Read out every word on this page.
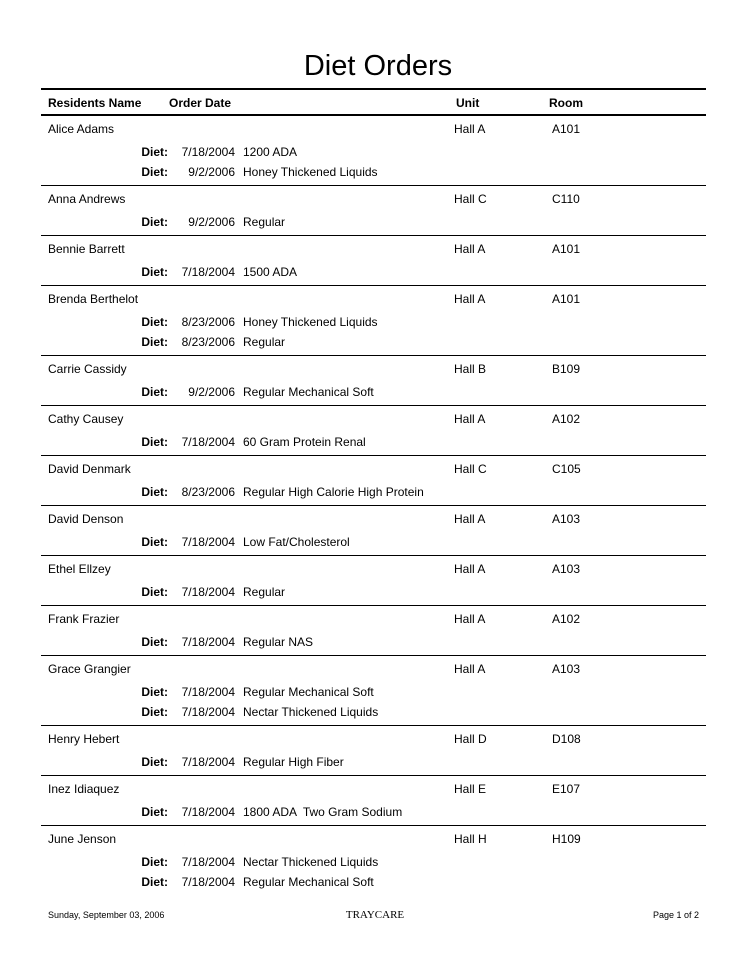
Diet Orders
Residents Name Order Date	Unit	Room
Alice Adams	Hall A	A101
Diet:	7/18/2004 1200 ADA
Diet:	9/2/2006 Honey Thickened Liquids
Anna Andrews	Hall C	C110
Diet:	9/2/2006 Regular
Bennie Barrett	Hall A	A101
Diet:	7/18/2004 1500 ADA
Brenda Berthelot	Hall A	A101
Diet:	8/23/2006 Honey Thickened Liquids
Diet:	8/23/2006 Regular
Carrie Cassidy	Hall B	B109
Diet:	9/2/2006 Regular Mechanical Soft
Cathy Causey	Hall A	A102
Diet:	7/18/2004 60 Gram Protein Renal
David Denmark	Hall C	C105
Diet:	8/23/2006 Regular High Calorie High Protein
David Denson	Hall A	A103
Diet:	7/18/2004 Low Fat/Cholesterol
Ethel Ellzey	Hall A	A103
Diet:	7/18/2004 Regular
Frank Frazier	Hall A	A102
Diet:	7/18/2004 Regular NAS
Grace Grangier	Hall A	A103
Diet:	7/18/2004 Regular Mechanical Soft
Diet:	7/18/2004 Nectar Thickened Liquids
Henry Hebert	Hall D	D108
Diet:	7/18/2004 Regular High Fiber
Inez Idiaquez	Hall E	E107
Diet:	7/18/2004 1800 ADA  Two Gram Sodium
June Jenson	Hall H	H109
Diet:	7/18/2004 Nectar Thickened Liquids
Diet:	7/18/2004 Regular Mechanical Soft
Sunday, September 03, 2006	TRAYCARE	Page 1 of 2
